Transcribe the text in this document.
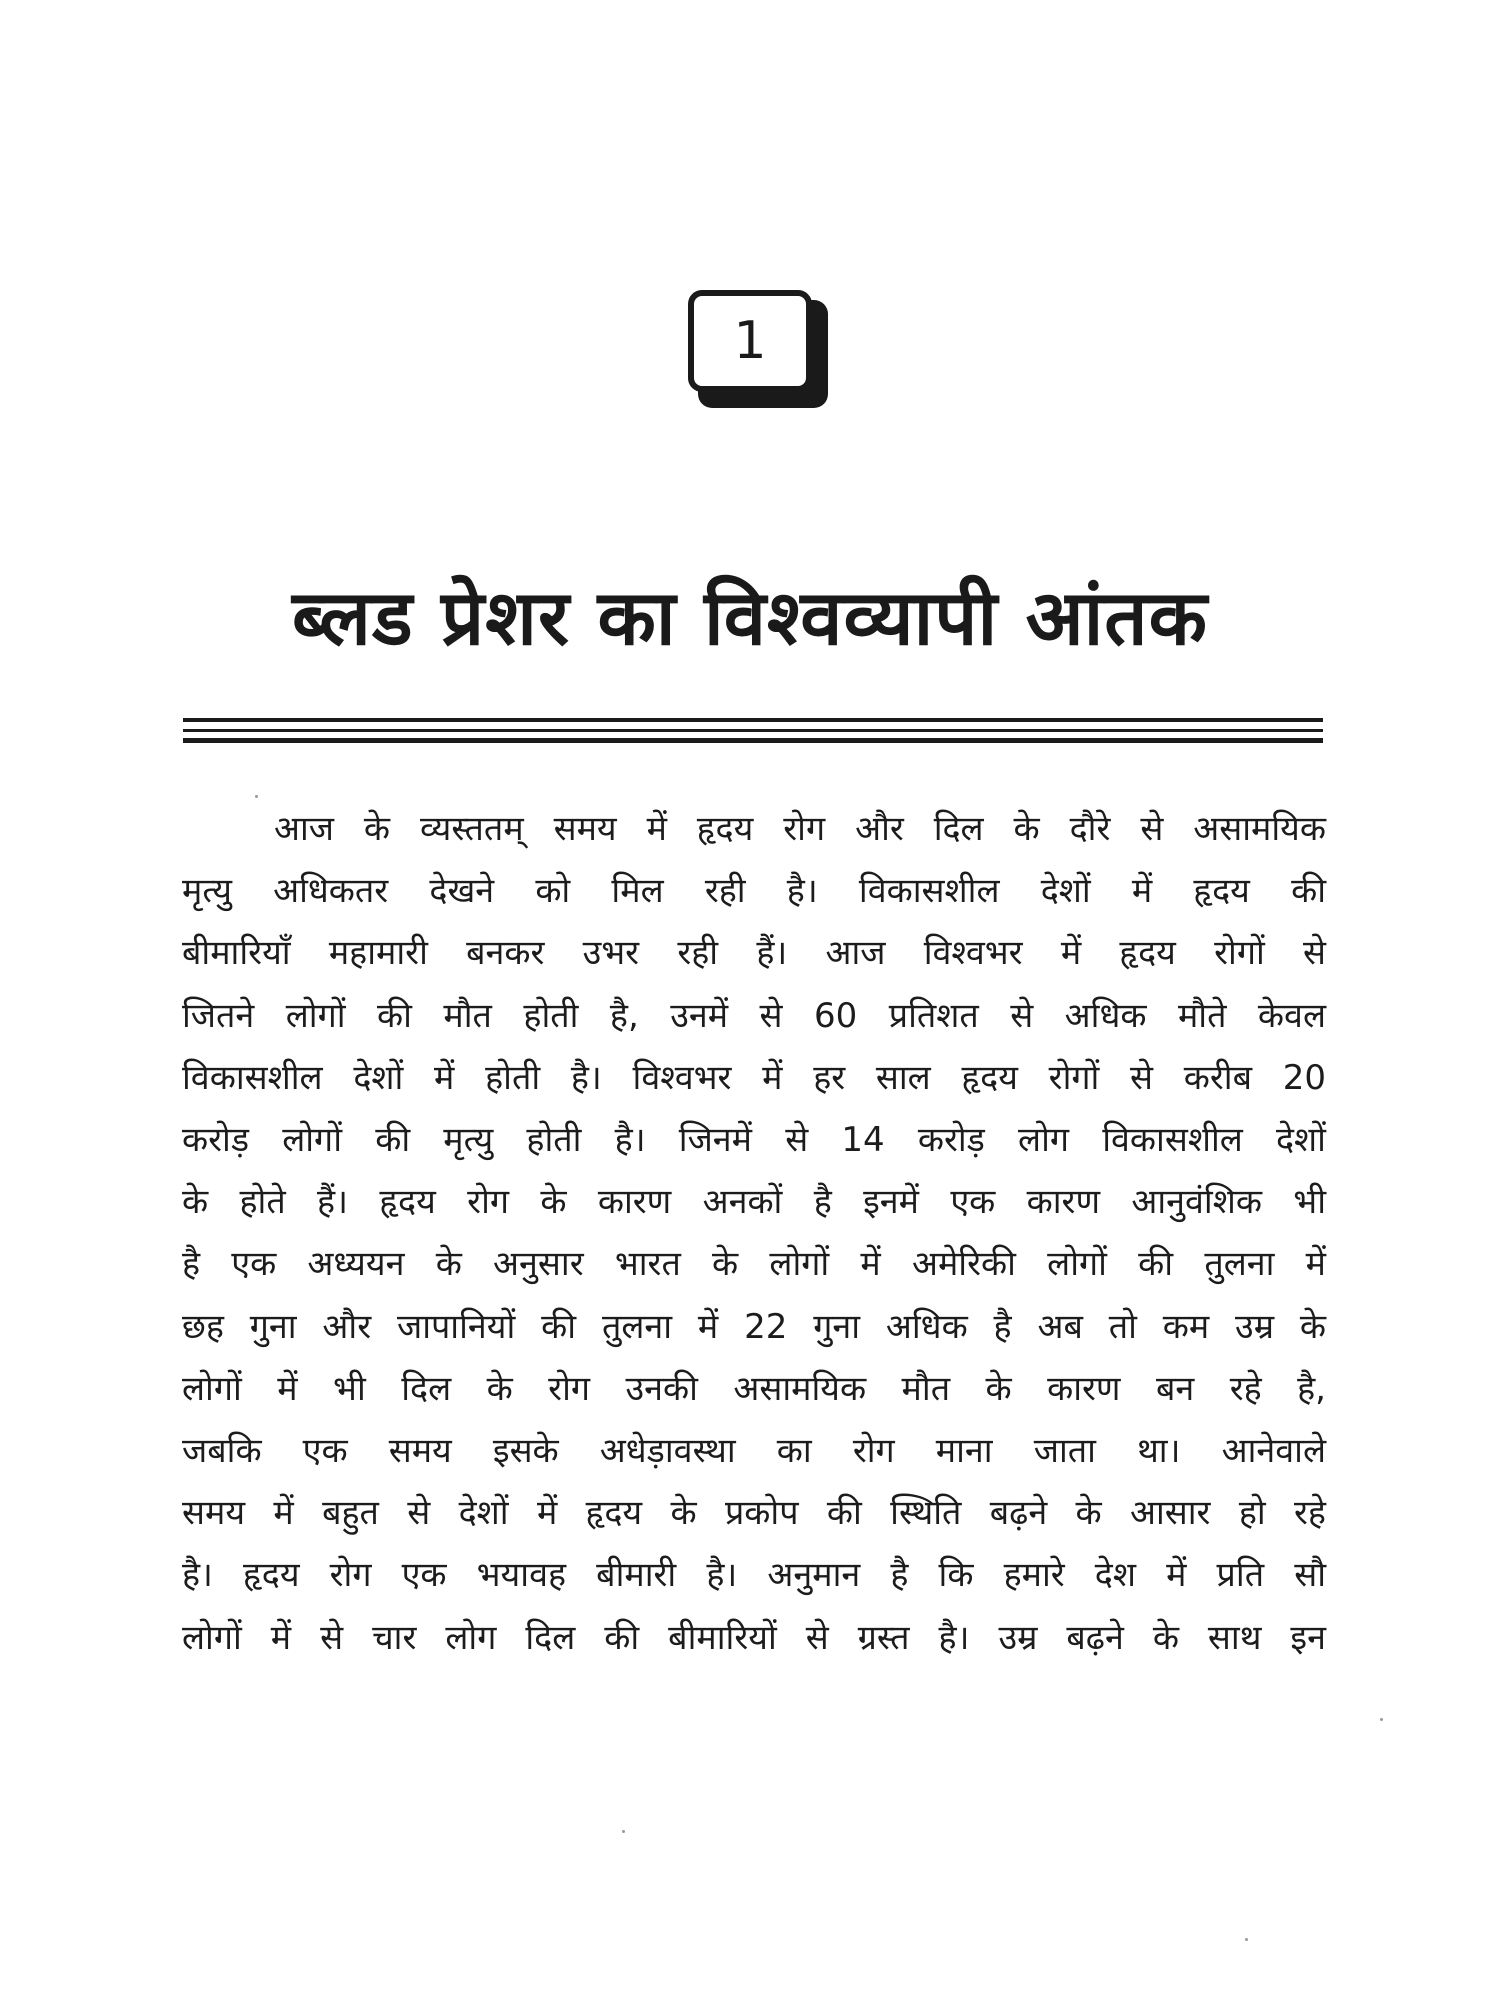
1
ब्लड प्रेशर का विश्वव्यापी आंतक
आज के व्यस्ततम् समय में हृदय रोग और दिल के दौरे से असामयिक
मृत्यु अधिकतर देखने को मिल रही है। विकासशील देशों में हृदय की
बीमारियाँ महामारी बनकर उभर रही हैं। आज विश्वभर में हृदय रोगों से
जितने लोगों की मौत होती है, उनमें से 60 प्रतिशत से अधिक मौते केवल
विकासशील देशों में होती है। विश्वभर में हर साल हृदय रोगों से करीब 20
करोड़ लोगों की मृत्यु होती है। जिनमें से 14 करोड़ लोग विकासशील देशों
के होते हैं। हृदय रोग के कारण अनकों है इनमें एक कारण आनुवंशिक भी
है एक अध्ययन के अनुसार भारत के लोगों में अमेरिकी लोगों की तुलना में
छह गुना और जापानियों की तुलना में 22 गुना अधिक है अब तो कम उम्र के
लोगों में भी दिल के रोग उनकी असामयिक मौत के कारण बन रहे है,
जबकि एक समय इसके अधेड़ावस्था का रोग माना जाता था। आनेवाले
समय में बहुत से देशों में हृदय के प्रकोप की स्थिति बढ़ने के आसार हो रहे
है। हृदय रोग एक भयावह बीमारी है। अनुमान है कि हमारे देश में प्रति सौ
लोगों में से चार लोग दिल की बीमारियों से ग्रस्त है। उम्र बढ़ने के साथ इन
